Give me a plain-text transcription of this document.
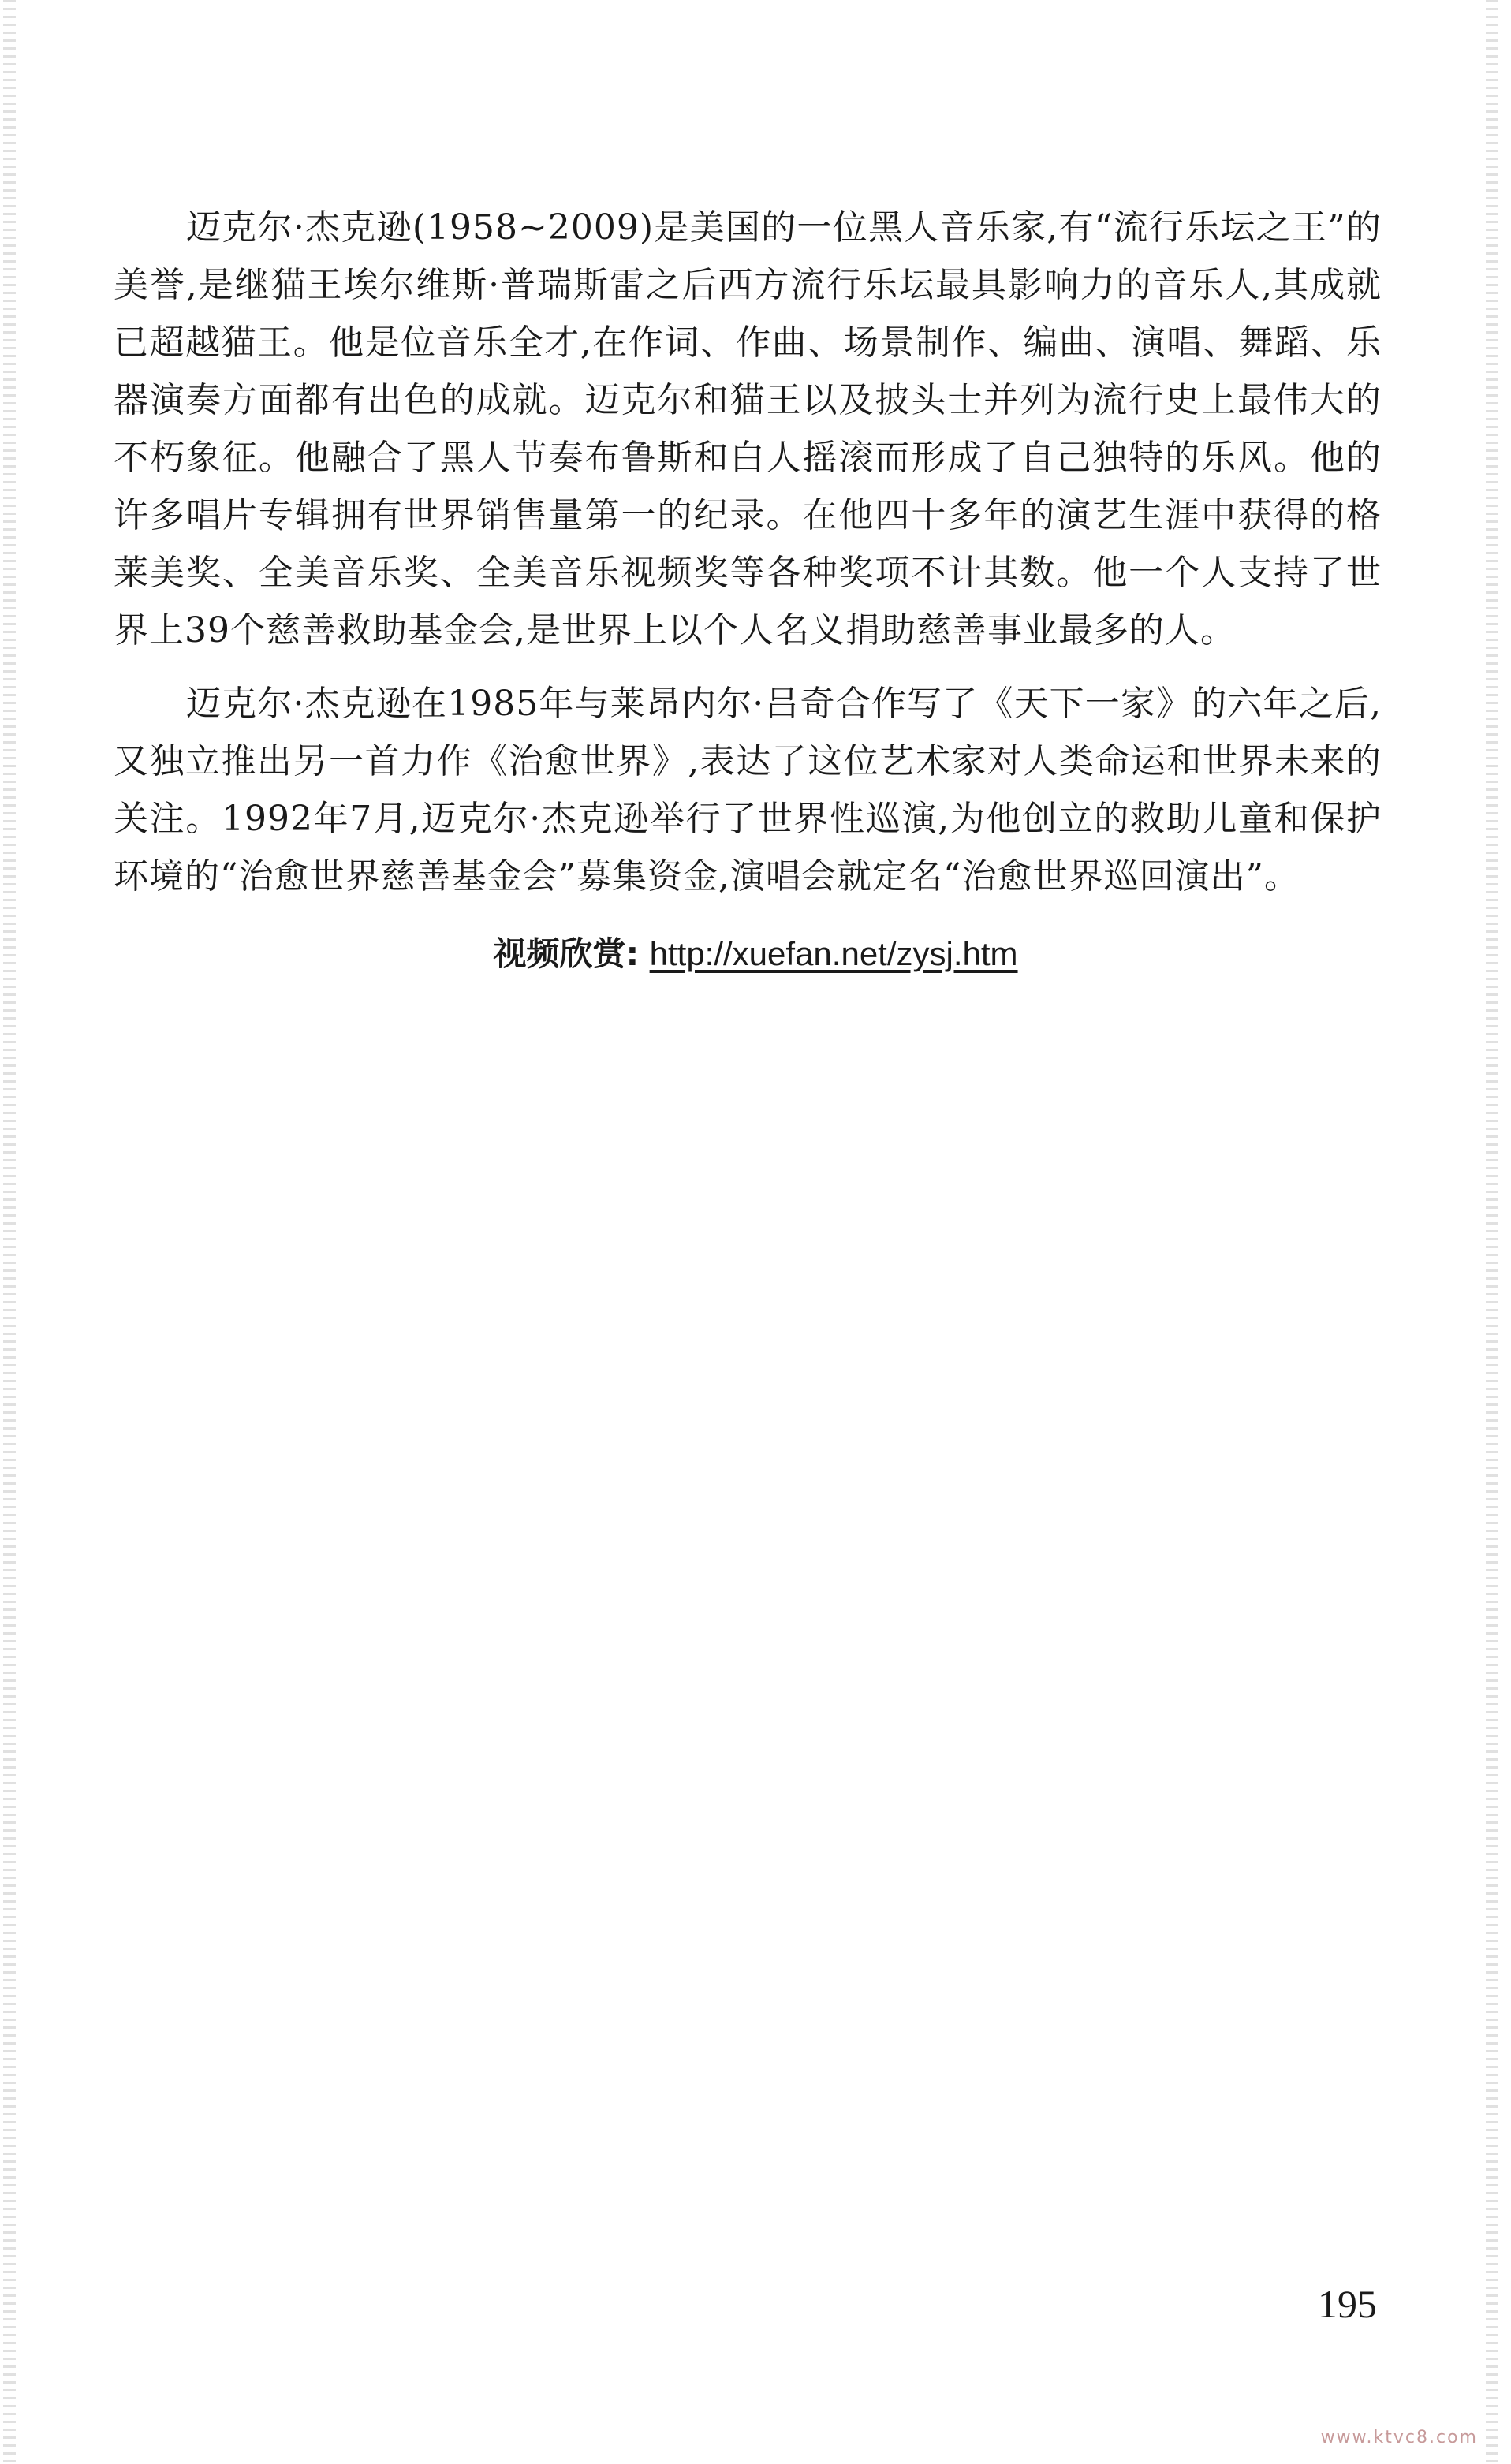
迈克尔·杰克逊(1958~2009)是美国的一位黑人音乐家,有“流行乐坛之王”的美誉,是继猫王埃尔维斯·普瑞斯雷之后西方流行乐坛最具影响力的音乐人,其成就已超越猫王。他是位音乐全才,在作词、作曲、场景制作、编曲、演唱、舞蹈、乐器演奏方面都有出色的成就。迈克尔和猫王以及披头士并列为流行史上最伟大的不朽象征。他融合了黑人节奏布鲁斯和白人摇滚而形成了自己独特的乐风。他的许多唱片专辑拥有世界销售量第一的纪录。在他四十多年的演艺生涯中获得的格莱美奖、全美音乐奖、全美音乐视频奖等各种奖项不计其数。他一个人支持了世界上39个慈善救助基金会,是世界上以个人名义捐助慈善事业最多的人。

迈克尔·杰克逊在1985年与莱昂内尔·吕奇合作写了《天下一家》的六年之后,又独立推出另一首力作《治愈世界》,表达了这位艺术家对人类命运和世界未来的关注。1992年7月,迈克尔·杰克逊举行了世界性巡演,为他创立的救助儿童和保护环境的“治愈世界慈善基金会”募集资金,演唱会就定名“治愈世界巡回演出”。

视频欣赏: http://xuefan.net/zysj.htm
195
www.ktvc8.com
